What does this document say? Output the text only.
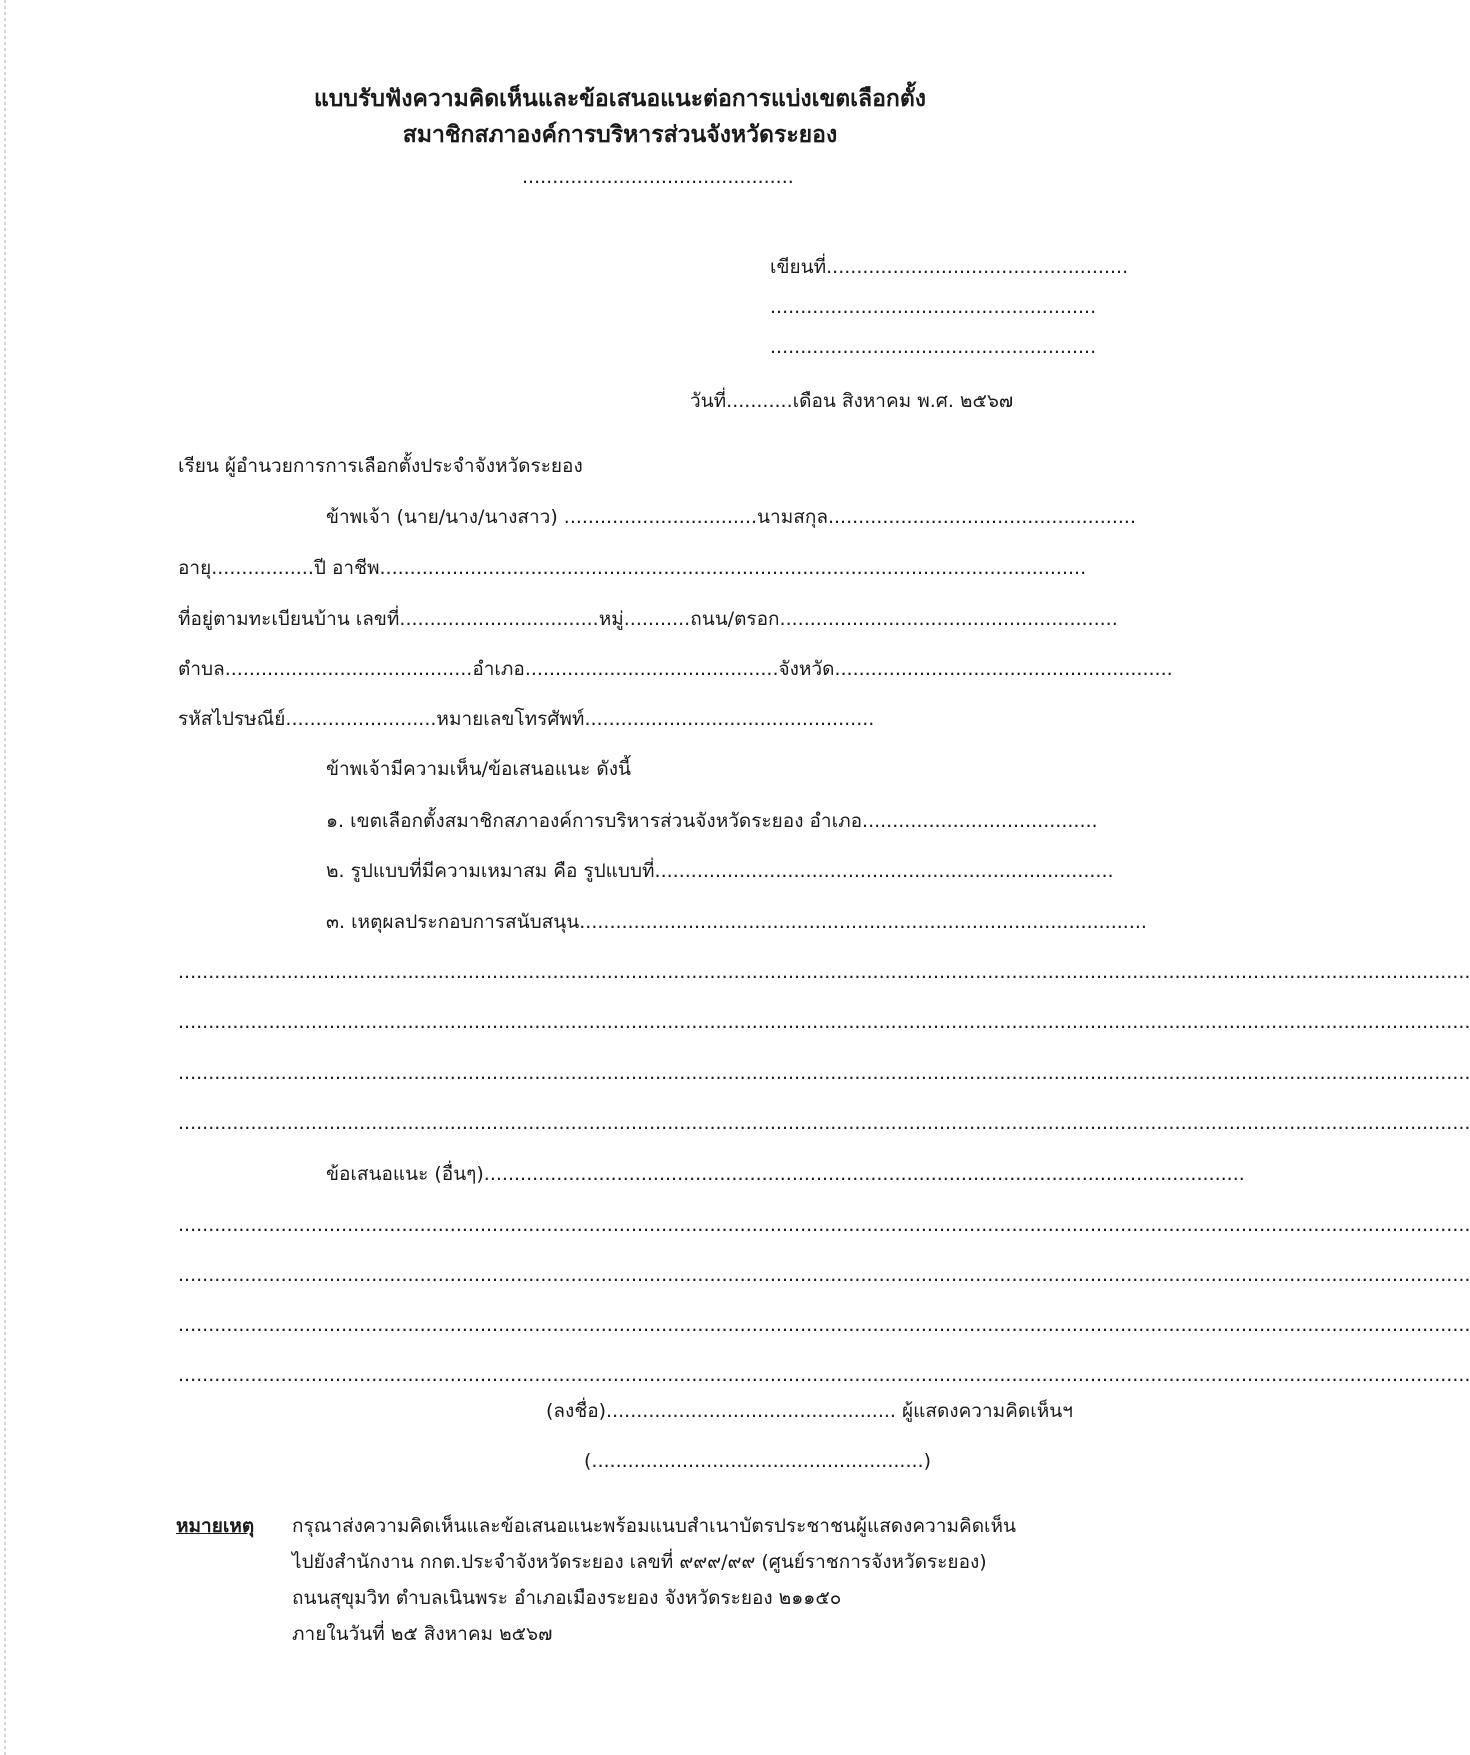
แบบรับฟังความคิดเห็นและข้อเสนอแนะต่อการแบ่งเขตเลือกตั้ง
สมาชิกสภาองค์การบริหารส่วนจังหวัดระยอง
.............................................
เขียนที่..................................................
......................................................
......................................................
วันที่...........เดือน สิงหาคม พ.ศ. ๒๕๖๗
เรียน ผู้อำนวยการการเลือกตั้งประจำจังหวัดระยอง
ข้าพเจ้า (นาย/นาง/นางสาว) ................................นามสกุล...................................................
อายุ.................ปี อาชีพ.....................................................................................................................
ที่อยู่ตามทะเบียนบ้าน เลขที่.................................หมู่...........ถนน/ตรอก........................................................
ตำบล.........................................อำเภอ..........................................จังหวัด........................................................
รหัสไปรษณีย์.........................หมายเลขโทรศัพท์................................................
ข้าพเจ้ามีความเห็น/ข้อเสนอแนะ ดังนี้
๑. เขตเลือกตั้งสมาชิกสภาองค์การบริหารส่วนจังหวัดระยอง อำเภอ.......................................
๒. รูปแบบที่มีความเหมาสม คือ รูปแบบที่............................................................................
๓. เหตุผลประกอบการสนับสนุน..............................................................................................
......................................................................................................................................................................................................................
......................................................................................................................................................................................................................
......................................................................................................................................................................................................................
......................................................................................................................................................................................................................
ข้อเสนอแนะ (อื่นๆ)..............................................................................................................................
......................................................................................................................................................................................................................
......................................................................................................................................................................................................................
......................................................................................................................................................................................................................
......................................................................................................................................................................................................................
(ลงชื่อ)................................................ ผู้แสดงความคิดเห็นฯ
(.......................................................)
หมายเหตุ กรุณาส่งความคิดเห็นและข้อเสนอแนะพร้อมแนบสำเนาบัตรประชาชนผู้แสดงความคิดเห็น
ไปยังสำนักงาน กกต.ประจำจังหวัดระยอง เลขที่ ๙๙๙/๙๙ (ศูนย์ราชการจังหวัดระยอง)
ถนนสุขุมวิท ตำบลเนินพระ อำเภอเมืองระยอง จังหวัดระยอง ๒๑๑๕๐
ภายในวันที่ ๒๕ สิงหาคม ๒๕๖๗
